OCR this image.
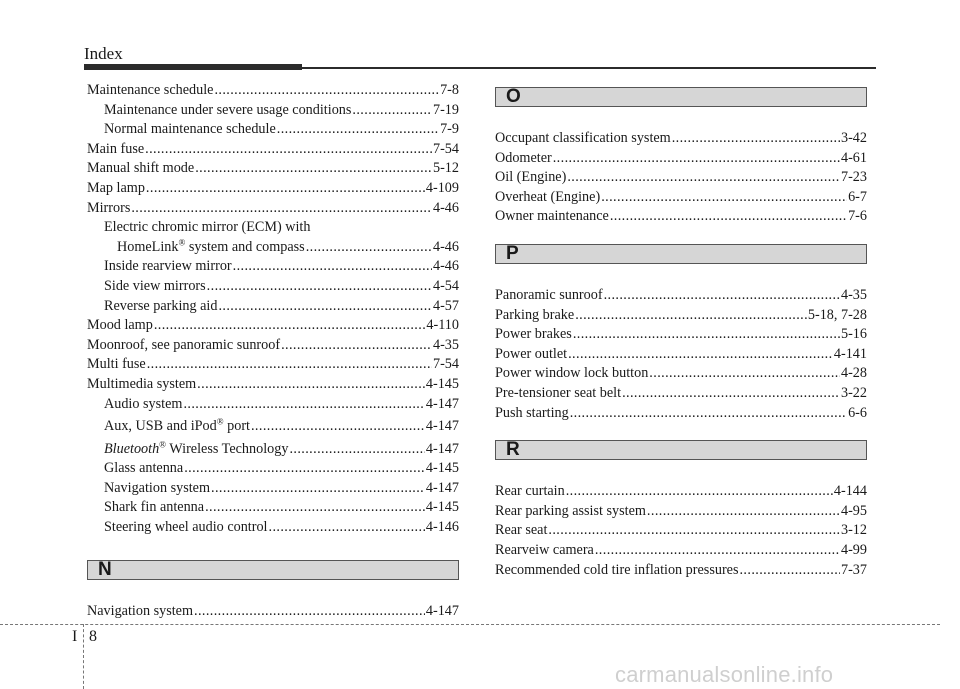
Index
Maintenance schedule .....	7-8
Maintenance under severe usage conditions .....	7-19
Normal maintenance schedule .....	7-9
Main fuse .....	7-54
Manual shift mode .....	5-12
Map lamp .....	4-109
Mirrors .....	4-46
Electric chromic mirror (ECM) with
HomeLink® system and compass .....	4-46
Inside rearview mirror .....	4-46
Side view mirrors .....	4-54
Reverse parking aid .....	4-57
Mood lamp .....	4-110
Moonroof, see panoramic sunroof .....	4-35
Multi fuse .....	7-54
Multimedia system .....	4-145
Audio system .....	4-147
Aux, USB and iPod® port .....	4-147
Bluetooth® Wireless Technology .....	4-147
Glass antenna .....	4-145
Navigation system .....	4-147
Shark fin antenna .....	4-145
Steering wheel audio control .....	4-146
N
Navigation system .....	4-147
O
Occupant classification system .....	3-42
Odometer .....	4-61
Oil (Engine) .....	7-23
Overheat (Engine) .....	6-7
Owner maintenance .....	7-6
P
Panoramic sunroof .....	4-35
Parking brake .....	5-18, 7-28
Power brakes .....	5-16
Power outlet .....	4-141
Power window lock button .....	4-28
Pre-tensioner seat belt .....	3-22
Push starting .....	6-6
R
Rear curtain .....	4-144
Rear parking assist system .....	4-95
Rear seat .....	3-12
Rearveiw camera .....	4-99
Recommended cold tire inflation pressures .....	7-37
I 8
carmanualsonline.info
